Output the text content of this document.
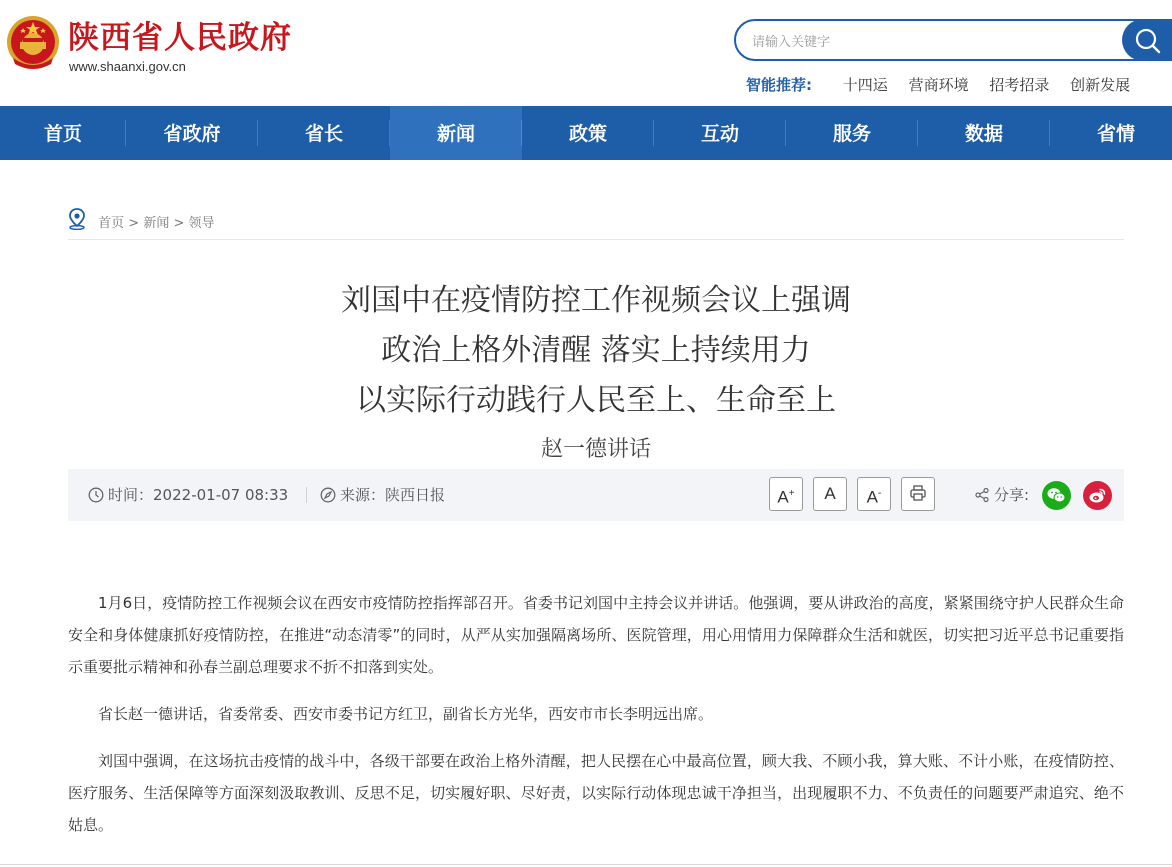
陕西省人民政府
www.shaanxi.gov.cn
请输入关键字
智能推荐: 十四运 营商环境 招考招录 创新发展
首页	省政府	省长	新闻	政策	互动	服务	数据	省情
首页 > 新闻 > 领导
刘国中在疫情防控工作视频会议上强调
政治上格外清醒 落实上持续用力
以实际行动践行人民至上、生命至上
赵一德讲话
时间：2022-01-07 08:33	来源：陕西日报	A+	A	A-	分享:

1月6日，疫情防控工作视频会议在西安市疫情防控指挥部召开。省委书记刘国中主持会议并讲话。他强调，要从讲政治的高度，紧紧围绕守护人民群众生命安全和身体健康抓好疫情防控，在推进“动态清零”的同时，从严从实加强隔离场所、医院管理，用心用情用力保障群众生活和就医，切实把习近平总书记重要指示重要批示精神和孙春兰副总理要求不折不扣落到实处。

省长赵一德讲话，省委常委、西安市委书记方红卫，副省长方光华，西安市市长李明远出席。

刘国中强调，在这场抗击疫情的战斗中，各级干部要在政治上格外清醒，把人民摆在心中最高位置，顾大我、不顾小我，算大账、不计小账，在疫情防控、医疗服务、生活保障等方面深刻汲取教训、反思不足，切实履好职、尽好责，以实际行动体现忠诚干净担当，出现履职不力、不负责任的问题要严肃追究、绝不姑息。
